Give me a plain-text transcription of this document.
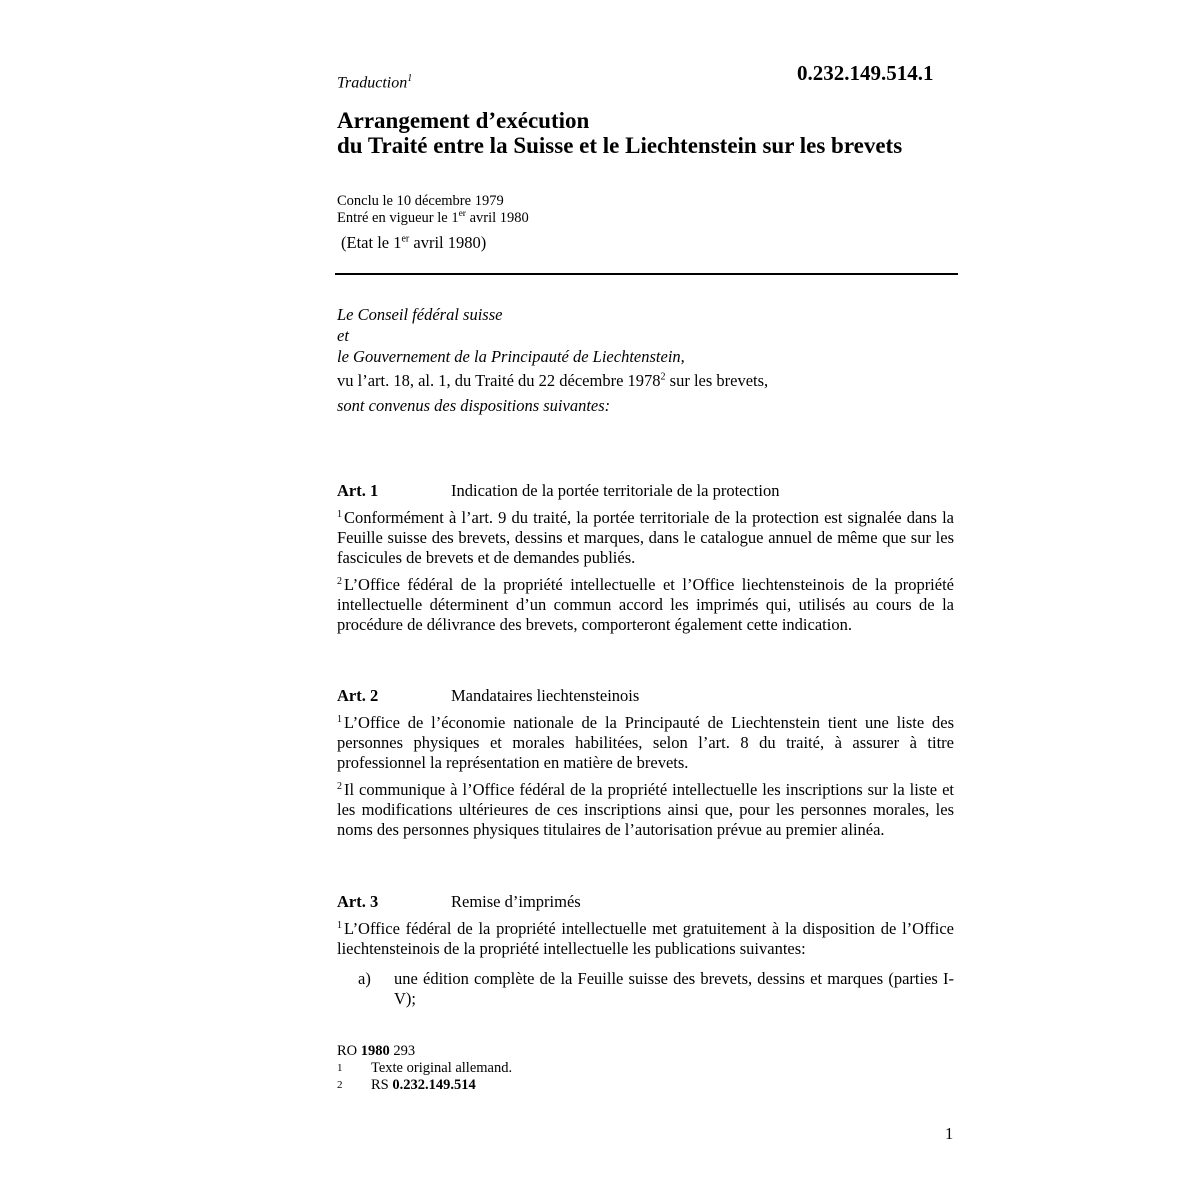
Traduction$^1$	0.232.149.514.1
Arrangement d’exécution
du Traité entre la Suisse et le Liechtenstein sur les brevets
Conclu le 10 décembre 1979
Entré en vigueur le 1er avril 1980
(Etat le 1er avril 1980)
Le Conseil fédéral suisse
et
le Gouvernement de la Principauté de Liechtenstein,
vu l’art. 18, al. 1, du Traité du 22 décembre 1978$^2$ sur les brevets,
sont convenus des dispositions suivantes:
Art. 1	Indication de la portée territoriale de la protection
$^1$ Conformément à l’art. 9 du traité, la portée territoriale de la protection est signalée dans la Feuille suisse des brevets, dessins et marques, dans le catalogue annuel de même que sur les fascicules de brevets et de demandes publiés.
$^2$ L’Office fédéral de la propriété intellectuelle et l’Office liechtensteinois de la propriété intellectuelle déterminent d’un commun accord les imprimés qui, utilisés au cours de la procédure de délivrance des brevets, comporteront également cette indication.
Art. 2	Mandataires liechtensteinois
$^1$ L’Office de l’économie nationale de la Principauté de Liechtenstein tient une liste des personnes physiques et morales habilitées, selon l’art. 8 du traité, à assurer à titre professionnel la représentation en matière de brevets.
$^2$ Il communique à l’Office fédéral de la propriété intellectuelle les inscriptions sur la liste et les modifications ultérieures de ces inscriptions ainsi que, pour les personnes morales, les noms des personnes physiques titulaires de l’autorisation prévue au premier alinéa.
Art. 3	Remise d’imprimés
$^1$ L’Office fédéral de la propriété intellectuelle met gratuitement à la disposition de l’Office liechtensteinois de la propriété intellectuelle les publications suivantes:
a)	une édition complète de la Feuille suisse des brevets, dessins et marques (parties I-V);
RO 1980 293
1	Texte original allemand.
2	RS 0.232.149.514
1
